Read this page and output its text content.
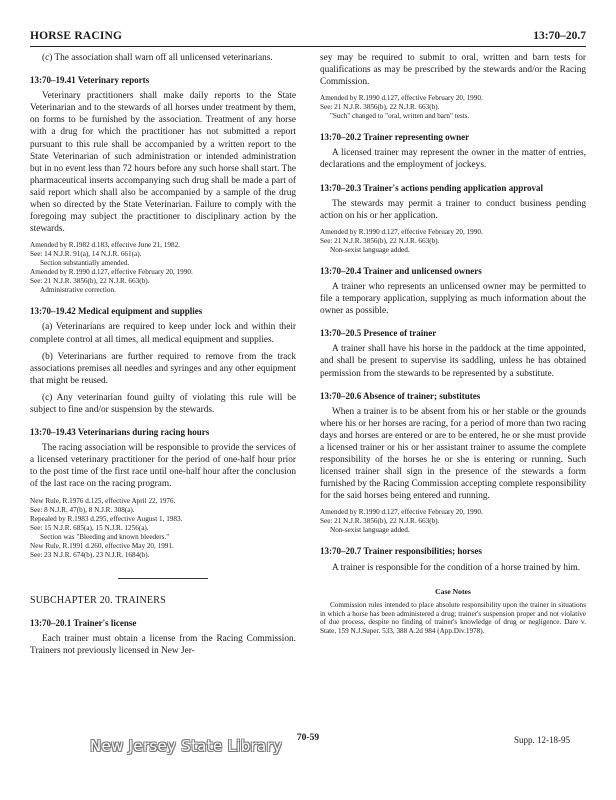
HORSE RACING	13:70–20.7

(c) The association shall warn off all unlicensed veterinarians.

13:70–19.41 Veterinary reports

Veterinary practitioners shall make daily reports to the State Veterinarian and to the stewards of all horses under treatment by them, on forms to be furnished by the association. Treatment of any horse with a drug for which the practitioner has not submitted a report pursuant to this rule shall be accompanied by a written report to the State Veterinarian of such administration or intended administration but in no event less than 72 hours before any such horse shall start. The pharmaceutical inserts accompanying such drug shall be made a part of said report which shall also be accompanied by a sample of the drug when so directed by the State Veterinarian. Failure to comply with the foregoing may subject the practitioner to disciplinary action by the stewards.

Amended by R.1982 d.183, effective June 21, 1982.
See: 14 N.J.R. 91(a), 14 N.J.R. 661(a).
Section substantially amended.
Amended by R.1990 d.127, effective February 20, 1990.
See: 21 N.J.R. 3856(b), 22 N.J.R. 663(b).
Administrative correction.
13:70–19.42 Medical equipment and supplies

(a) Veterinarians are required to keep under lock and within their complete control at all times, all medical equipment and supplies.

(b) Veterinarians are further required to remove from the track associations premises all needles and syringes and any other equipment that might be reused.

(c) Any veterinarian found guilty of violating this rule will be subject to fine and/or suspension by the stewards.

13:70–19.43 Veterinarians during racing hours

The racing association will be responsible to provide the services of a licensed veterinary practitioner for the period of one-half hour prior to the post time of the first race until one-half hour after the conclusion of the last race on the racing program.

New Rule, R.1976 d.125, effective April 22, 1976.
See: 8 N.J.R. 47(b), 8 N.J.R. 308(a).
Repealed by R.1983 d.295, effective August 1, 1983.
See: 15 N.J.R. 685(a), 15 N.J.R. 1256(a).
Section was "Bleeding and known bleeders."
New Rule, R.1991 d.260, effective May 20, 1991.
See: 23 N.J.R. 674(b), 23 N.J.R. 1684(b).
SUBCHAPTER 20. TRAINERS
13:70–20.1 Trainer's license

Each trainer must obtain a license from the Racing Commission. Trainers not previously licensed in New Jer-

sey may be required to submit to oral, written and barn tests for qualifications as may be prescribed by the stewards and/or the Racing Commission.

Amended by R.1990 d.127, effective February 20, 1990.
See: 21 N.J.R. 3856(b), 22 N.J.R. 663(b).
"Such" changed to "oral, written and barn" tests.
13:70–20.2 Trainer representing owner

A licensed trainer may represent the owner in the matter of entries, declarations and the employment of jockeys.

13:70–20.3 Trainer's actions pending application approval

The stewards may permit a trainer to conduct business pending action on his or her application.

Amended by R.1990 d.127, effective February 20, 1990.
See: 21 N.J.R. 3856(b), 22 N.J.R. 663(b).
Non-sexist language added.
13:70–20.4 Trainer and unlicensed owners

A trainer who represents an unlicensed owner may be permitted to file a temporary application, supplying as much information about the owner as possible.

13:70–20.5 Presence of trainer

A trainer shall have his horse in the paddock at the time appointed, and shall be present to supervise its saddling, unless he has obtained permission from the stewards to be represented by a substitute.

13:70–20.6 Absence of trainer; substitutes

When a trainer is to be absent from his or her stable or the grounds where his or her horses are racing, for a period of more than two racing days and horses are entered or are to be entered, he or she must provide a licensed trainer or his or her assistant trainer to assume the complete responsibility of the horses he or she is entering or running. Such licensed trainer shall sign in the presence of the stewards a form furnished by the Racing Commission accepting complete responsibility for the said horses being entered and running.

Amended by R.1990 d.127, effective February 20, 1990.
See: 21 N.J.R. 3856(b), 22 N.J.R. 663(b).
Non-sexist language added.
13:70–20.7 Trainer responsibilities; horses

A trainer is responsible for the condition of a horse trained by him.

Case Notes

Commission rules intended to place absolute responsibility upon the trainer in situations in which a horse has been administered a drug; trainer's suspension proper and not violative of due process, despite no finding of trainer's knowledge of drug or negligence. Dare v. State, 159 N.J.Super. 533, 388 A.2d 984 (App.Div.1978).

70-59	Supp. 12-18-95
New Jersey State Library
